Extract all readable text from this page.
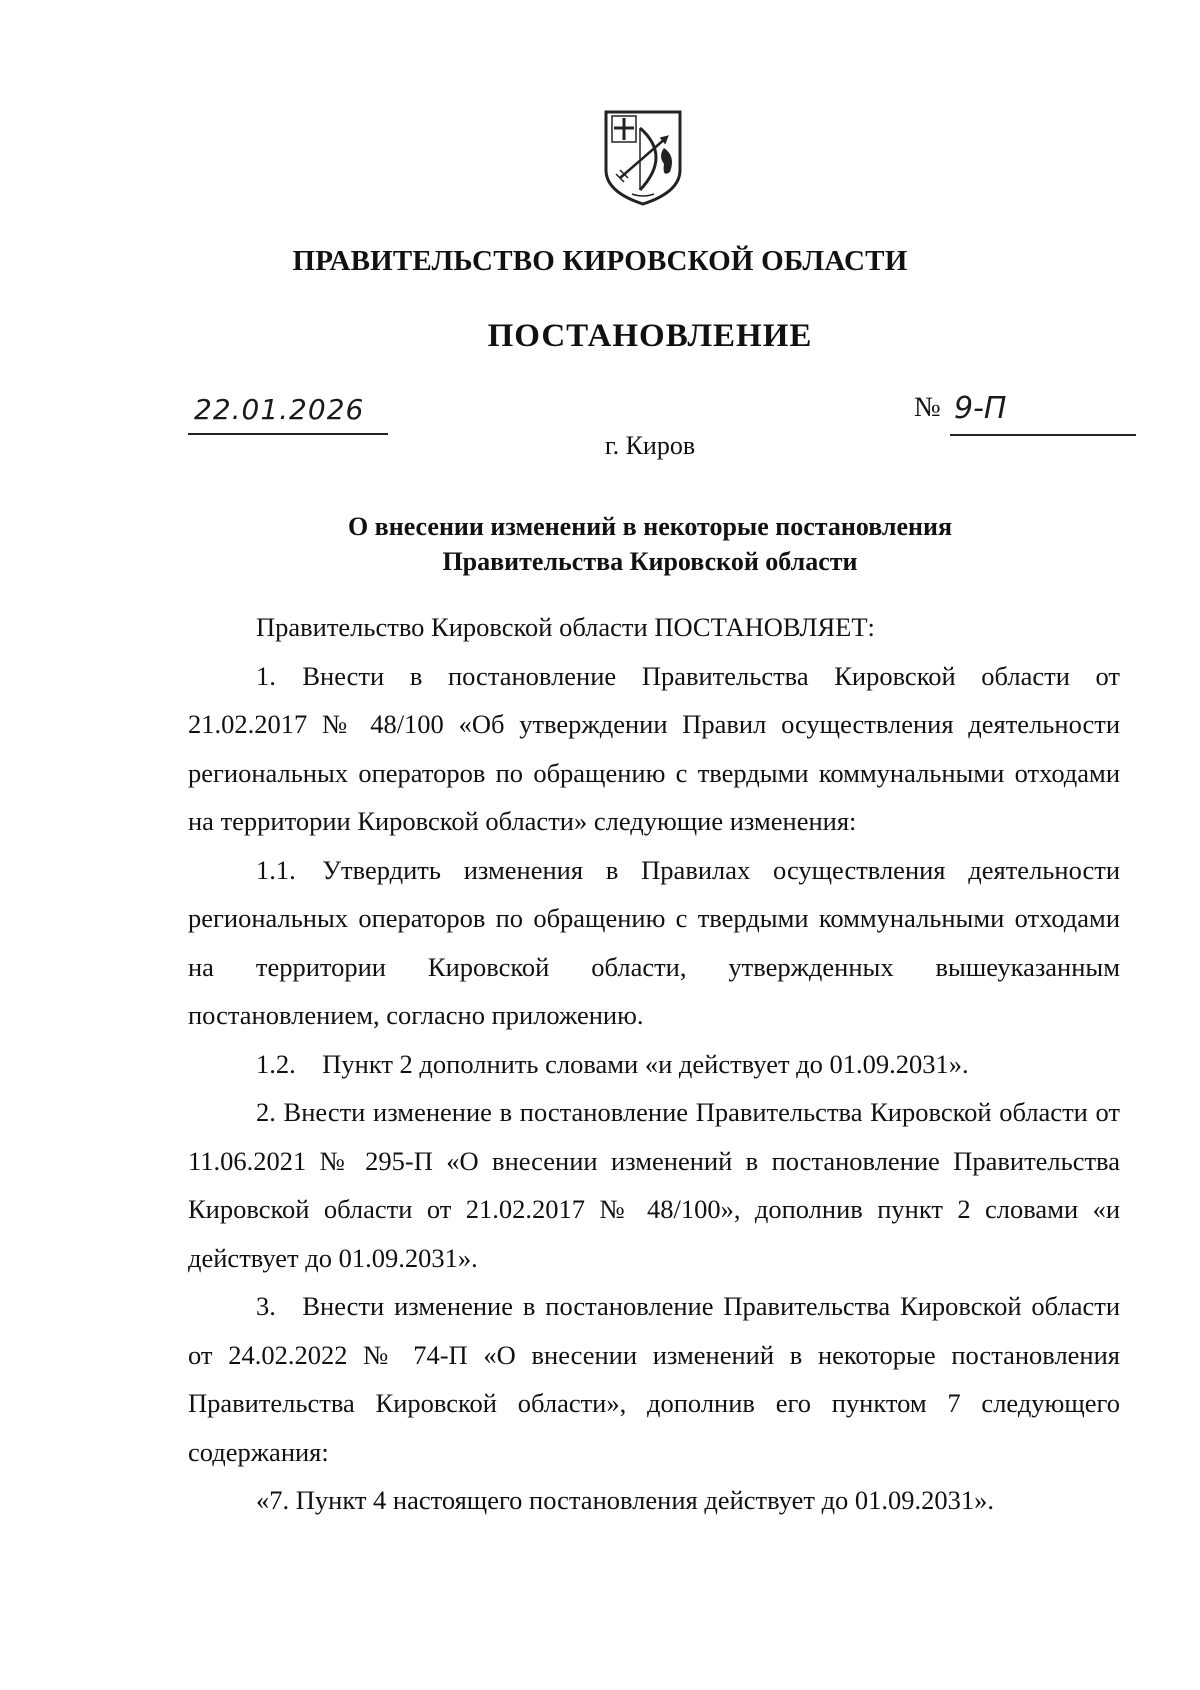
ПРАВИТЕЛЬСТВО КИРОВСКОЙ ОБЛАСТИ
ПОСТАНОВЛЕНИЕ
22.01.2026	№ 9-П
г. Киров
О внесении изменений в некоторые постановления
Правительства Кировской области

Правительство Кировской области ПОСТАНОВЛЯЕТ:

1. Внести в постановление Правительства Кировской области от 21.02.2017 № 48/100 «Об утверждении Правил осуществления деятельности региональных операторов по обращению с твердыми коммунальными отходами на территории Кировской области» следующие изменения:

1.1. Утвердить изменения в Правилах осуществления деятельности региональных операторов по обращению с твердыми коммунальными отходами на территории Кировской области, утвержденных вышеуказанным постановлением, согласно приложению.

1.2. Пункт 2 дополнить словами «и действует до 01.09.2031».

2. Внести изменение в постановление Правительства Кировской области от 11.06.2021 № 295-П «О внесении изменений в постановление Правительства Кировской области от 21.02.2017 № 48/100», дополнив пункт 2 словами «и действует до 01.09.2031».

3. Внести изменение в постановление Правительства Кировской области от 24.02.2022 № 74-П «О внесении изменений в некоторые постановления Правительства Кировской области», дополнив его пунктом 7 следующего содержания:

«7. Пункт 4 настоящего постановления действует до 01.09.2031».
